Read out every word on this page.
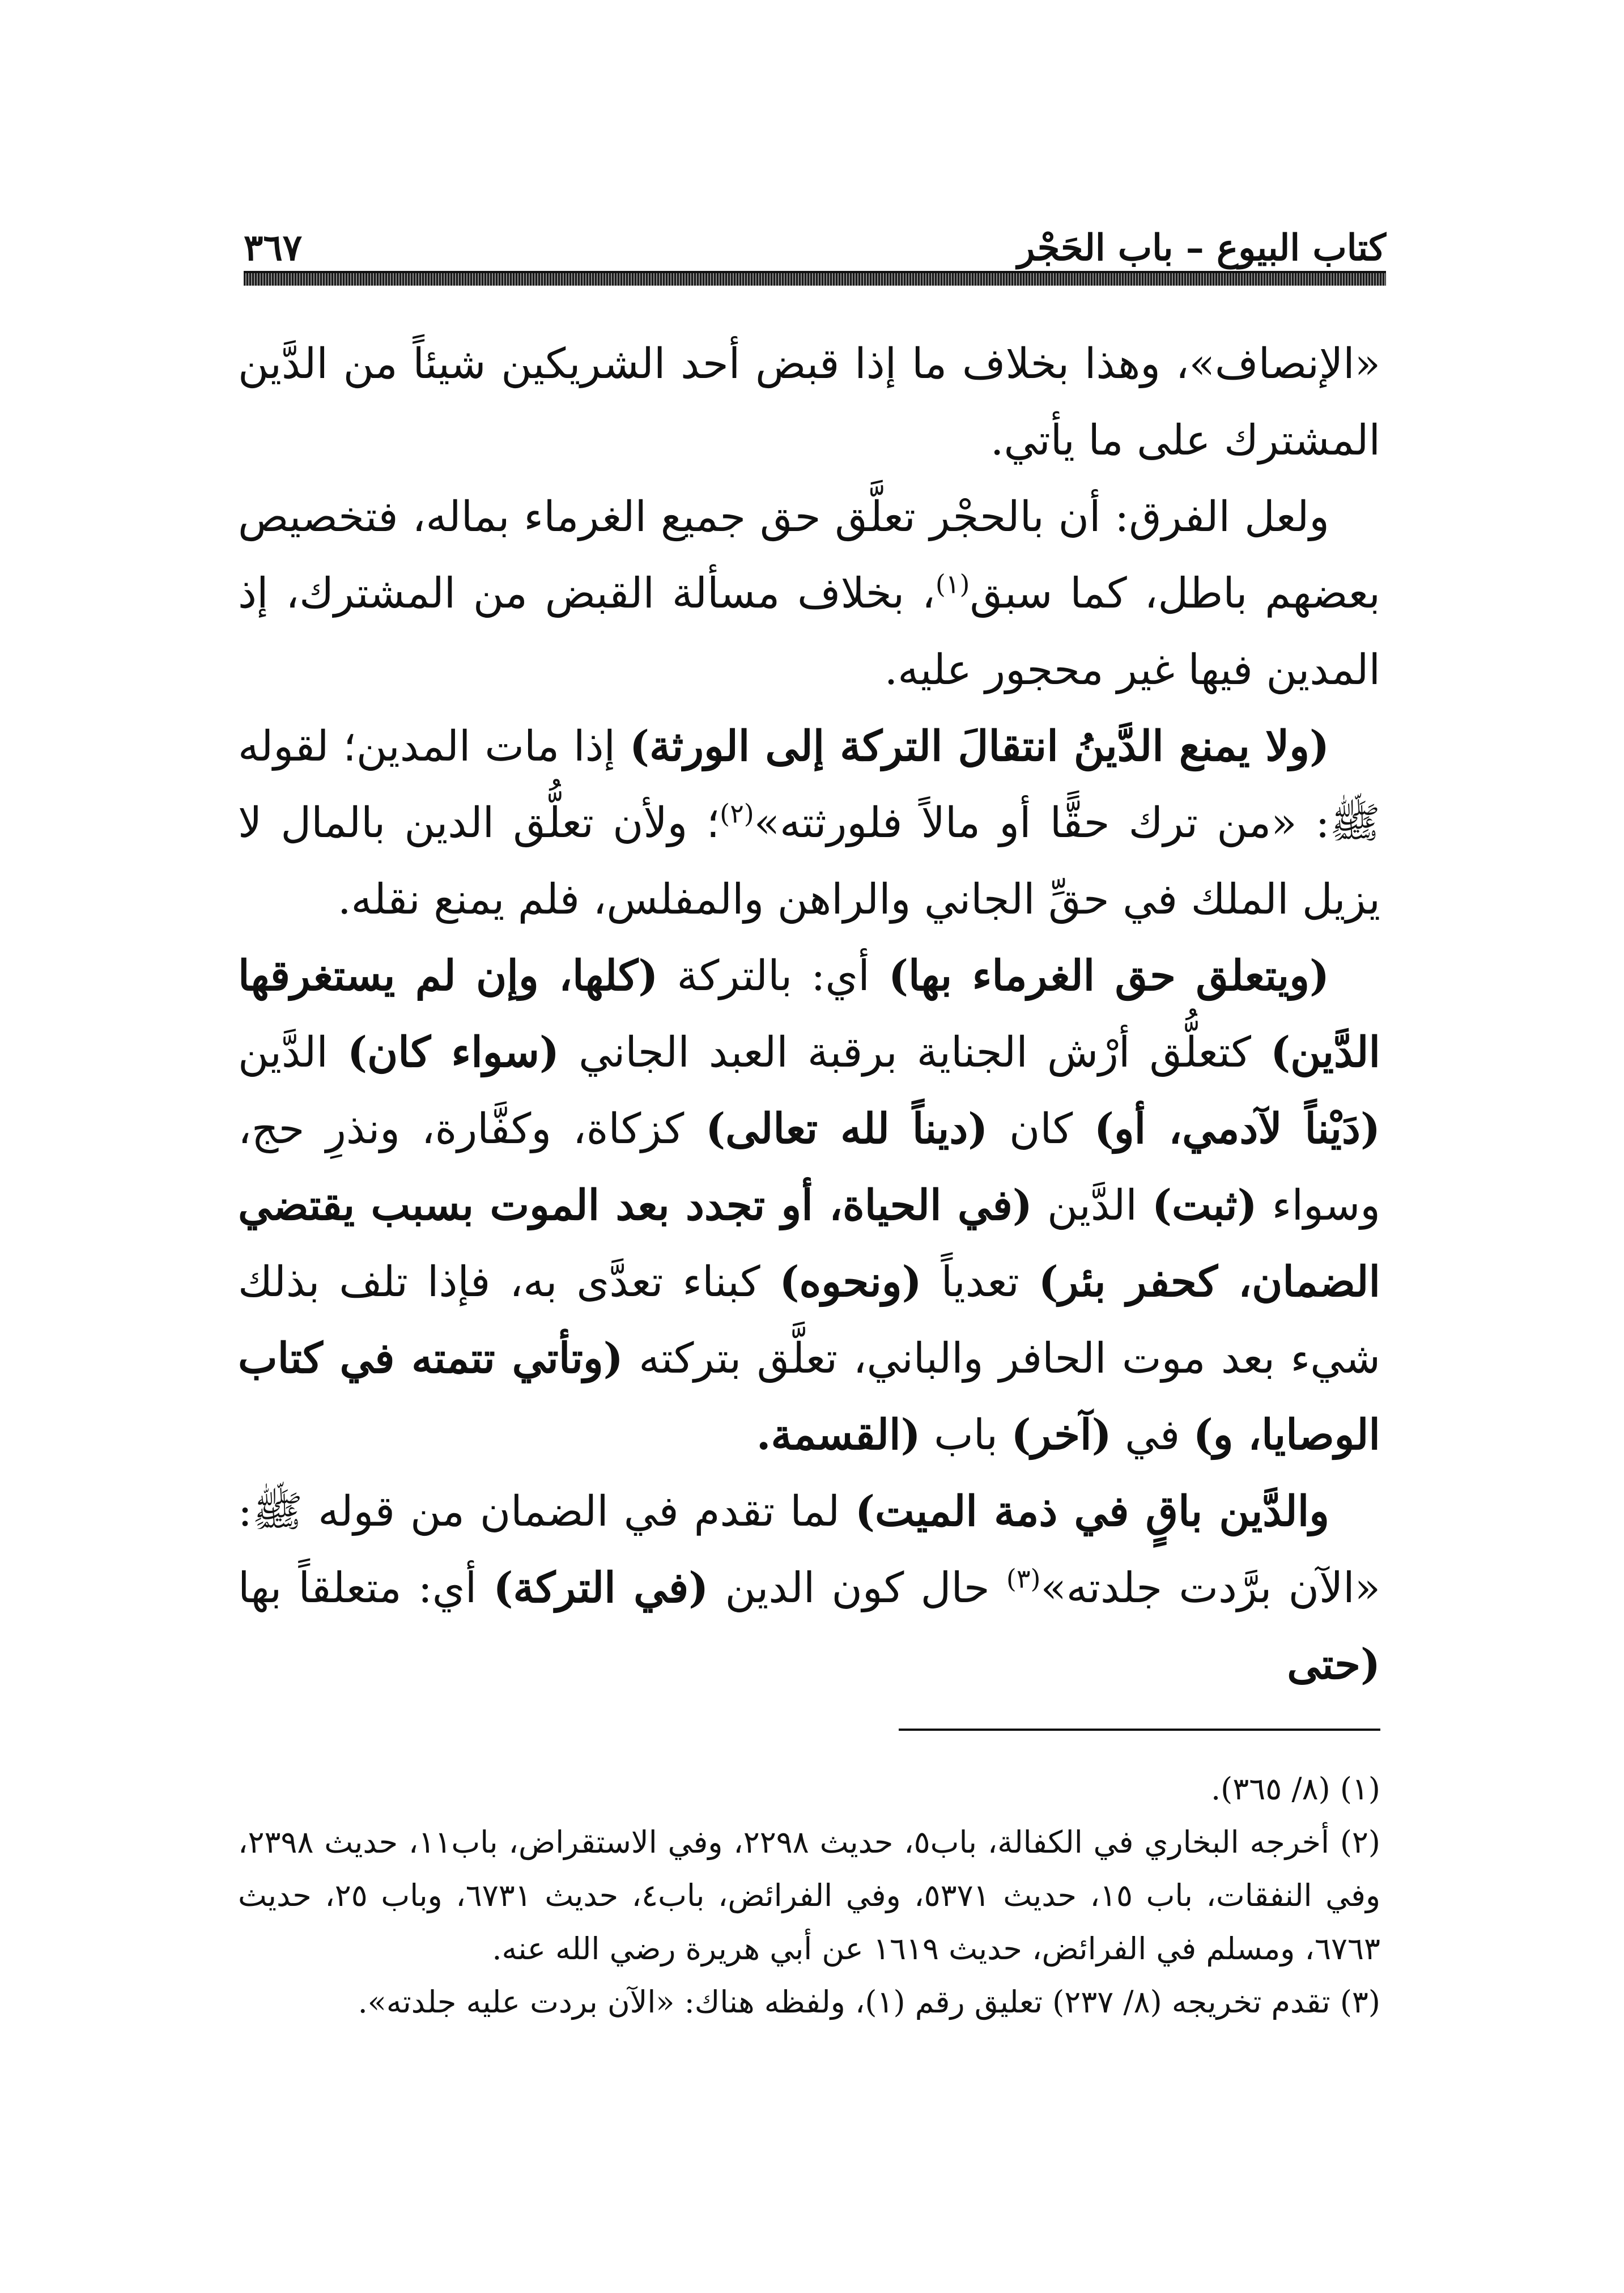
كتاب البيوع – باب الحَجْر
٣٦٧

«الإنصاف»، وهذا بخلاف ما إذا قبض أحد الشريكين شيئاً من الدَّين المشترك على ما يأتي.

ولعل الفرق: أن بالحجْر تعلَّق حق جميع الغرماء بماله، فتخصيص بعضهم باطل، كما سبق$^{(١)}$، بخلاف مسألة القبض من المشترك، إذ المدين فيها غير محجور عليه.

(ولا يمنع الدَّينُ انتقالَ التركة إلى الورثة) إذا مات المدين؛ لقوله ﷺ: «من ترك حقًّا أو مالاً فلورثته»$^{(٢)}$؛ ولأن تعلُّق الدين بالمال لا يزيل الملك في حقِّ الجاني والراهن والمفلس، فلم يمنع نقله.

(ويتعلق حق الغرماء بها) أي: بالتركة (كلها، وإن لم يستغرقها الدَّين) كتعلُّق أرْش الجناية برقبة العبد الجاني (سواء كان) الدَّين (دَيْناً لآدمي، أو) كان (ديناً لله تعالى) كزكاة، وكفَّارة، ونذرِ حج، وسواء (ثبت) الدَّين (في الحياة، أو تجدد بعد الموت بسبب يقتضي الضمان، كحفر بئر) تعدياً (ونحوه) كبناء تعدَّى به، فإذا تلف بذلك شيء بعد موت الحافر والباني، تعلَّق بتركته (وتأتي تتمته في كتاب الوصايا، و) في (آخر) باب (القسمة.

والدَّين باقٍ في ذمة الميت) لما تقدم في الضمان من قوله ﷺ: «الآن برَّدت جلدته»$^{(٣)}$ حال كون الدين (في التركة) أي: متعلقاً بها (حتى

(١) (٨/ ٣٦٥).

(٢) أخرجه البخاري في الكفالة، باب٥، حديث ٢٢٩٨، وفي الاستقراض، باب١١، حديث ٢٣٩٨، وفي النفقات، باب ١٥، حديث ٥٣٧١، وفي الفرائض، باب٤، حديث ٦٧٣١، وباب ٢٥، حديث ٦٧٦٣، ومسلم في الفرائض، حديث ١٦١٩ عن أبي هريرة رضي الله عنه.

(٣) تقدم تخريجه (٨/ ٢٣٧) تعليق رقم (١)، ولفظه هناك: «الآن بردت عليه جلدته».
